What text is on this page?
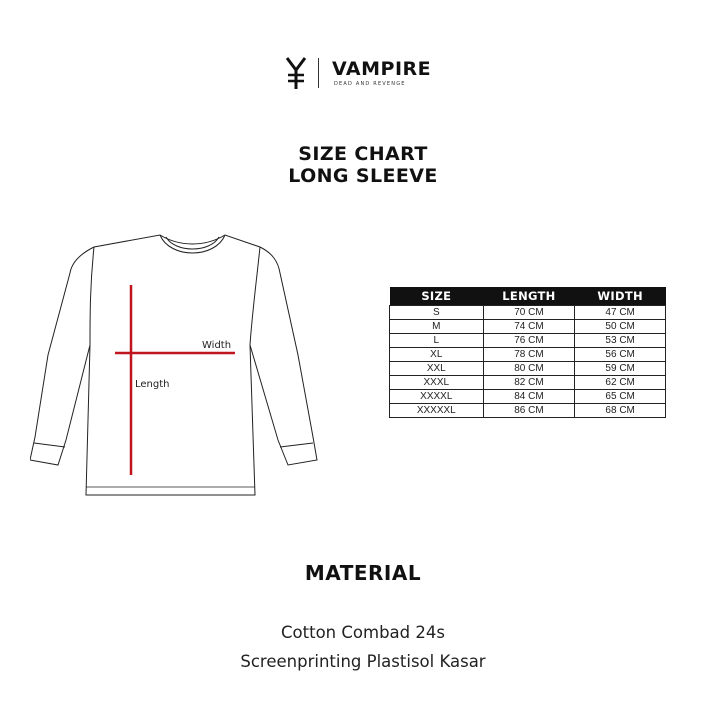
VAMPIRE
DEAD AND REVENGE
SIZE CHART
LONG SLEEVE
Width
Length
SIZE	LENGTH	WIDTH
S	70 CM	47 CM
M	74 CM	50 CM
L	76 CM	53 CM
XL	78 CM	56 CM
XXL	80 CM	59 CM
XXXL	82 CM	62 CM
XXXXL	84 CM	65 CM
XXXXXL	86 CM	68 CM
MATERIAL
Cotton Combad 24s
Screenprinting Plastisol Kasar
